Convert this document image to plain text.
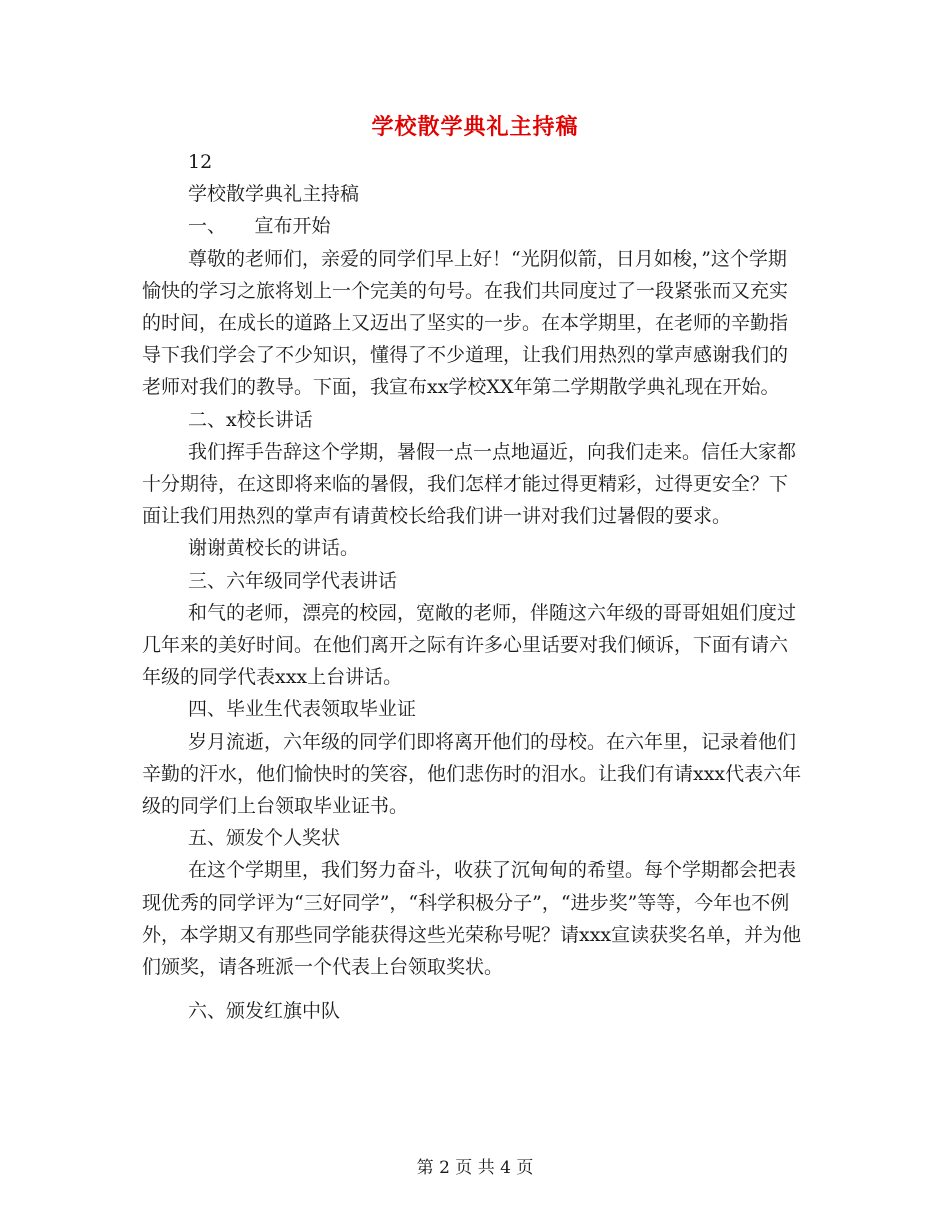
学校散学典礼主持稿

12

学校散学典礼主持稿

一、　　宣布开始

尊敬的老师们，亲爱的同学们早上好！“光阴似箭，日月如梭，”这个学期愉快的学习之旅将划上一个完美的句号。在我们共同度过了一段紧张而又充实的时间，在成长的道路上又迈出了坚实的一步。在本学期里，在老师的辛勤指导下我们学会了不少知识，懂得了不少道理，让我们用热烈的掌声感谢我们的老师对我们的教导。下面，我宣布xx学校XX年第二学期散学典礼现在开始。

二、x校长讲话

我们挥手告辞这个学期，暑假一点一点地逼近，向我们走来。信任大家都十分期待，在这即将来临的暑假，我们怎样才能过得更精彩，过得更安全？下面让我们用热烈的掌声有请黄校长给我们讲一讲对我们过暑假的要求。

谢谢黄校长的讲话。

三、六年级同学代表讲话

和气的老师，漂亮的校园，宽敞的老师，伴随这六年级的哥哥姐姐们度过几年来的美好时间。在他们离开之际有许多心里话要对我们倾诉，下面有请六年级的同学代表xxx上台讲话。

四、毕业生代表领取毕业证

岁月流逝，六年级的同学们即将离开他们的母校。在六年里，记录着他们辛勤的汗水，他们愉快时的笑容，他们悲伤时的泪水。让我们有请xxx代表六年级的同学们上台领取毕业证书。

五、颁发个人奖状

在这个学期里，我们努力奋斗，收获了沉甸甸的希望。每个学期都会把表现优秀的同学评为“三好同学”，“科学积极分子”，“进步奖”等等，今年也不例外，本学期又有那些同学能获得这些光荣称号呢？请xxx宣读获奖名单，并为他们颁奖，请各班派一个代表上台领取奖状。

六、颁发红旗中队

第 2 页 共 4 页
